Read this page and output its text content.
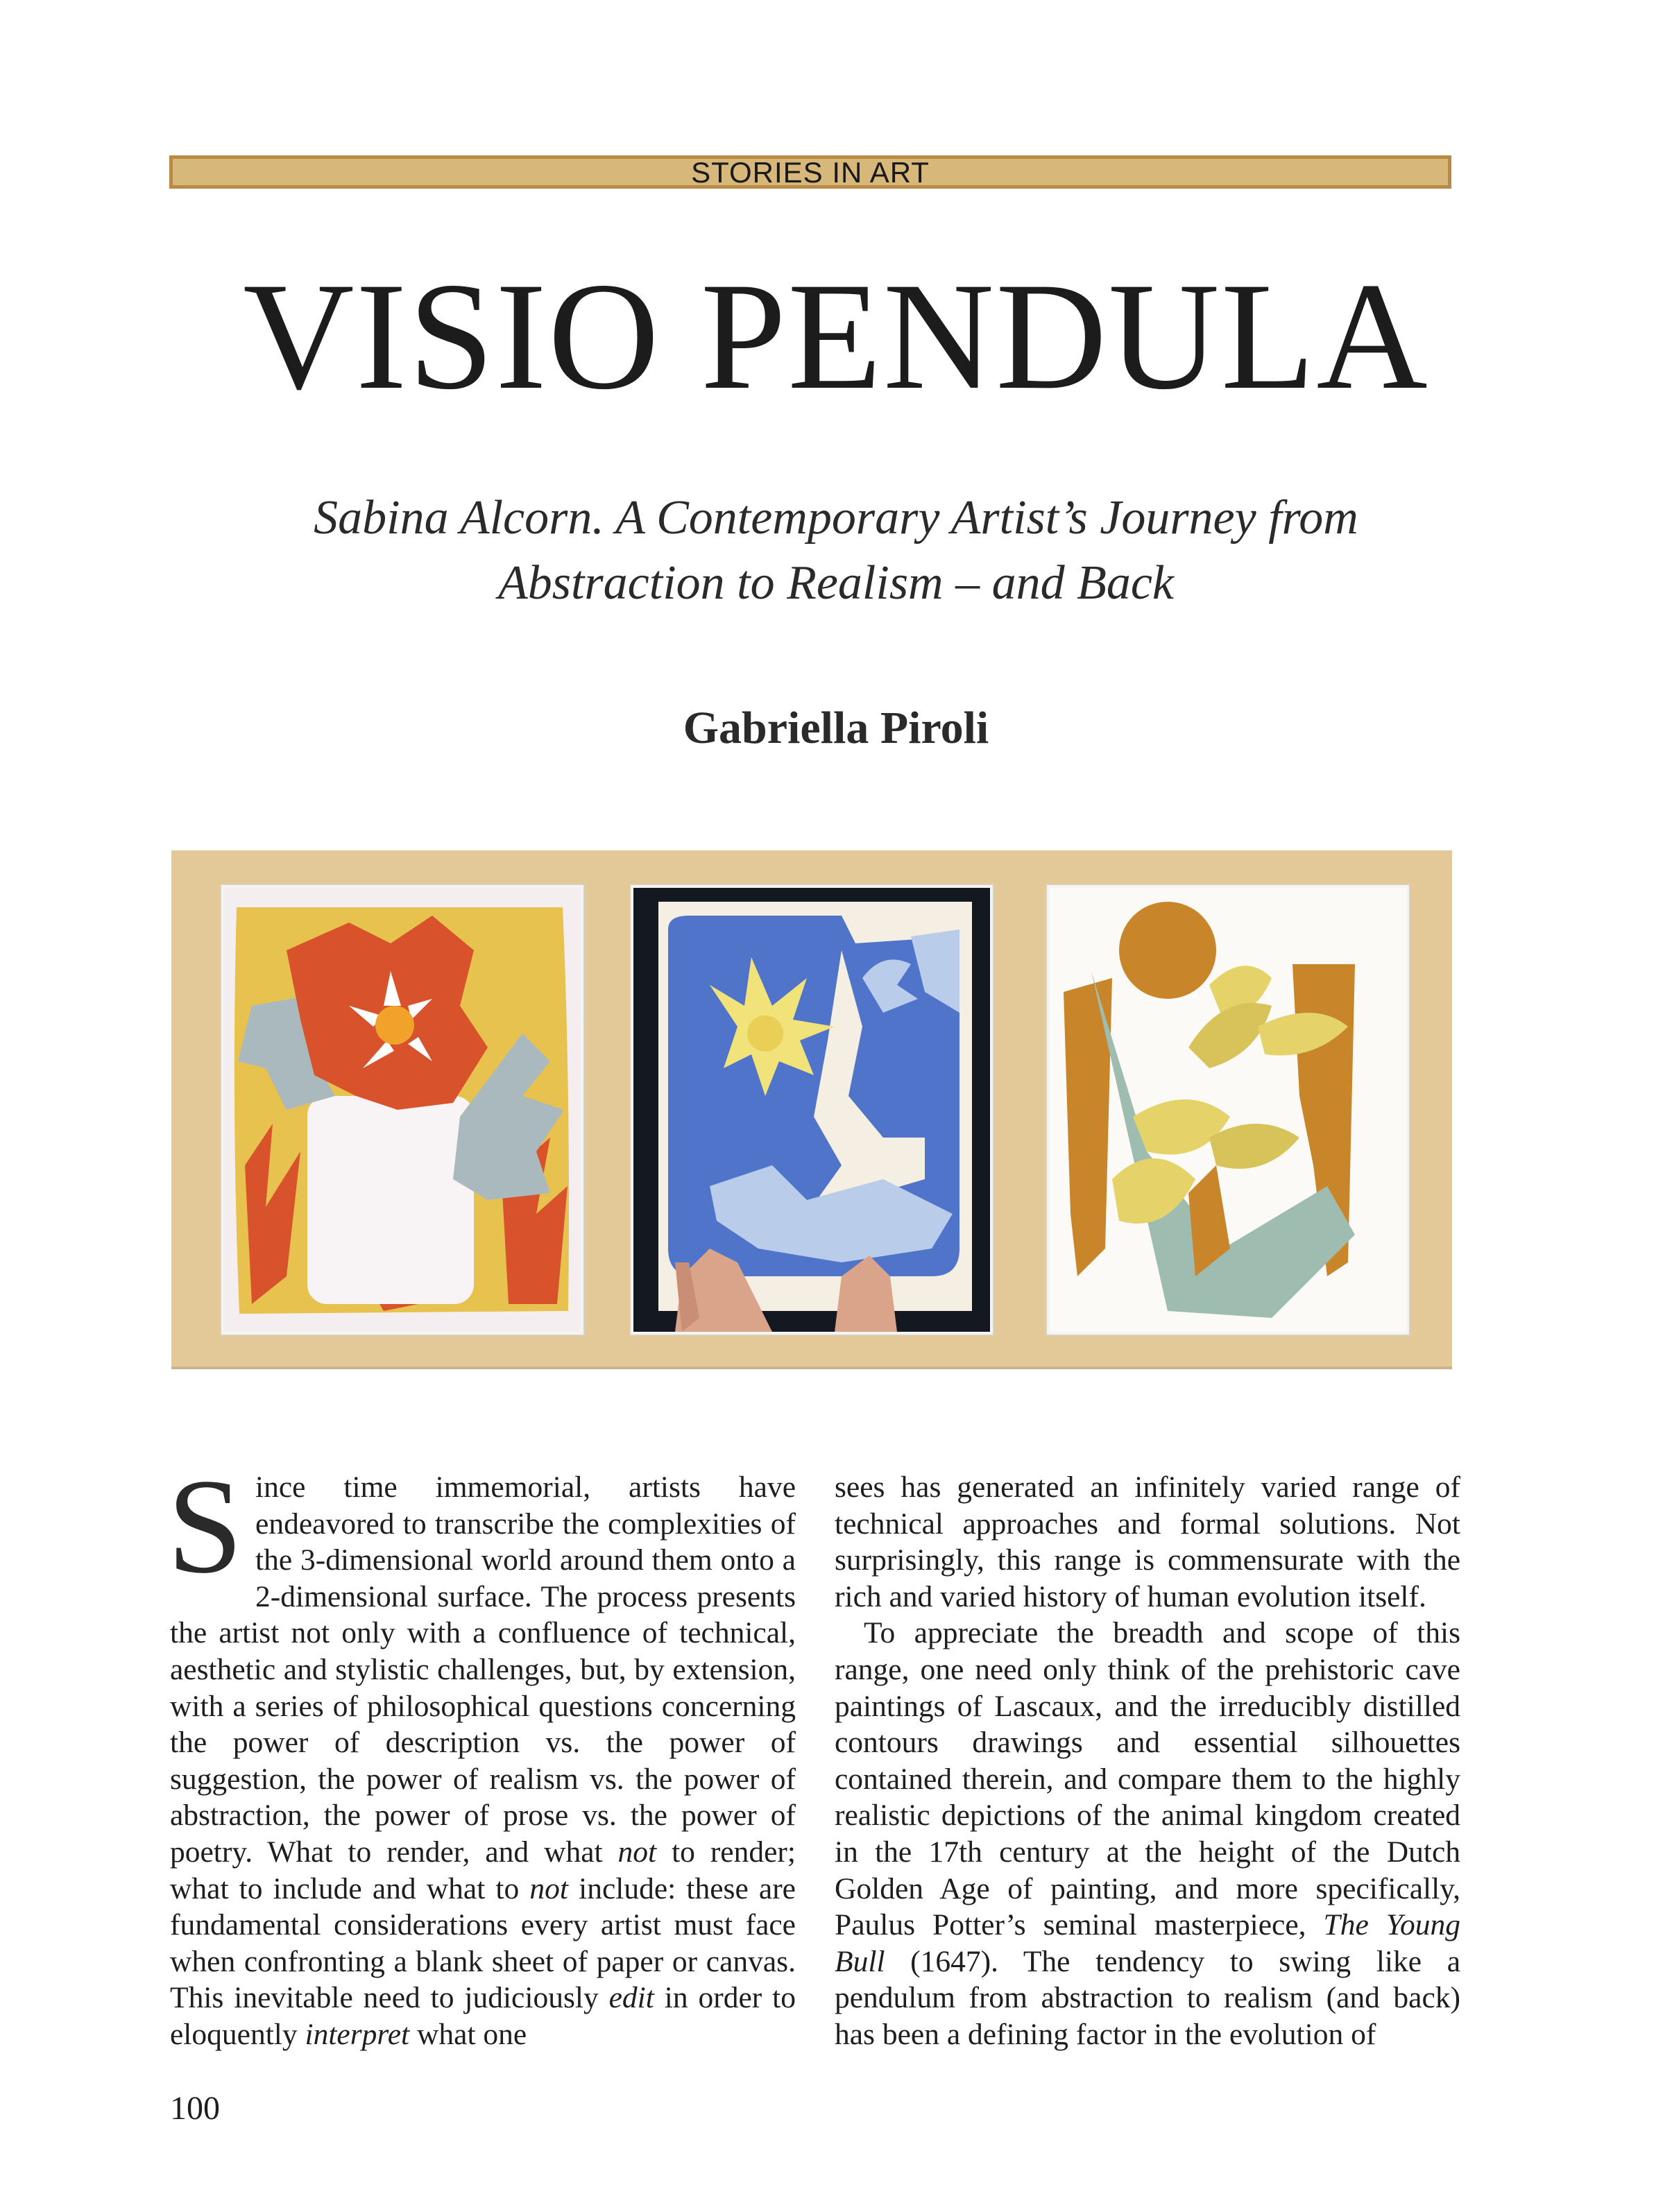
STORIES IN ART
VISIO PENDULA
Sabina Alcorn. A Contemporary Artist’s Journey from
Abstraction to Realism – and Back
Gabriella Piroli

Since time immemorial, artists have endeavored to transcribe the complexities of the 3-dimensional world around them onto a 2-dimensional surface. The process presents the artist not only with a confluence of technical, aesthetic and stylistic challenges, but, by extension, with a series of philosophical questions concerning the power of description vs. the power of suggestion, the power of realism vs. the power of abstraction, the power of prose vs. the power of poetry. What to render, and what not to render; what to include and what to not include: these are fundamental considerations every artist must face when confronting a blank sheet of paper or canvas. This inevitable need to judiciously edit in order to eloquently interpret what one

sees has generated an infinitely varied range of technical approaches and formal solutions. Not surprisingly, this range is commensurate with the rich and varied history of human evolution itself.

To appreciate the breadth and scope of this range, one need only think of the prehistoric cave paintings of Lascaux, and the irreducibly distilled contours drawings and essential silhouettes contained therein, and compare them to the highly realistic depictions of the animal kingdom created in the 17th century at the height of the Dutch Golden Age of painting, and more specifically, Paulus Potter’s seminal masterpiece, The Young Bull (1647). The tendency to swing like a pendulum from abstraction to realism (and back) has been a defining factor in the evolution of

100
